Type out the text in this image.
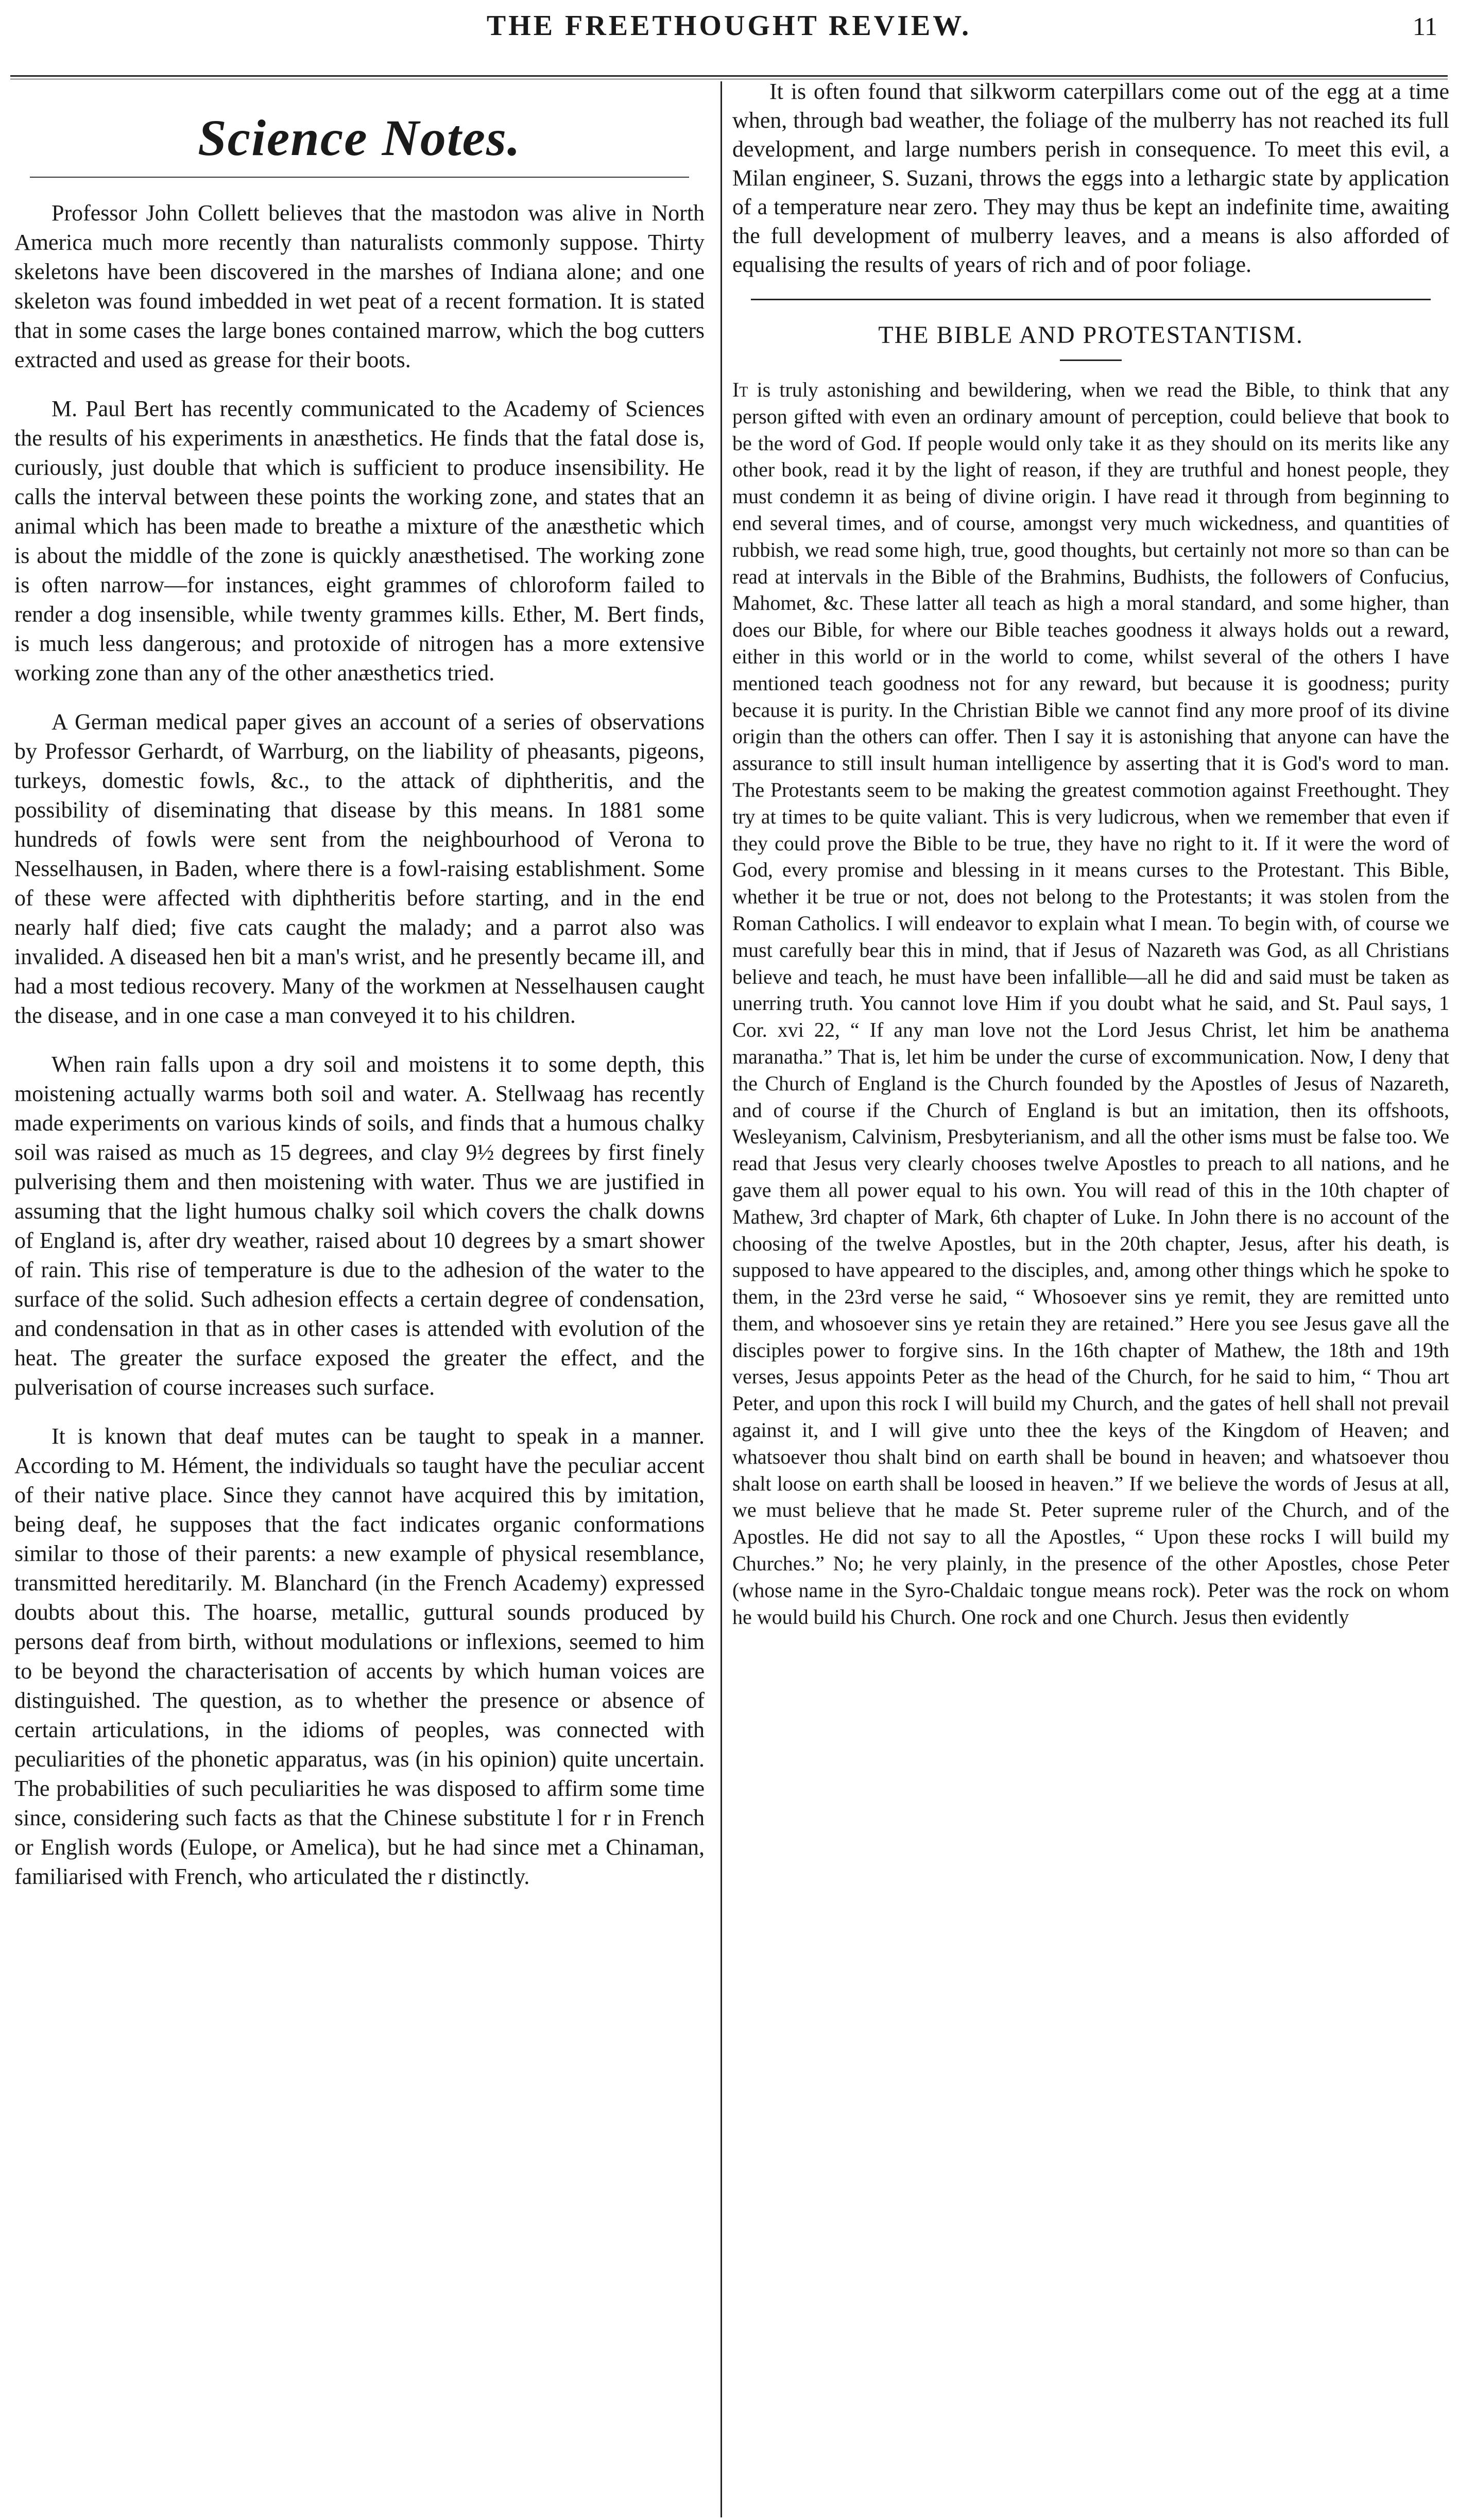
THE FREETHOUGHT REVIEW.	11
Science Notes.

Professor John Collett believes that the mastodon was alive in North America much more recently than naturalists commonly suppose. Thirty skeletons have been discovered in the marshes of Indiana alone; and one skeleton was found imbedded in wet peat of a recent formation. It is stated that in some cases the large bones contained marrow, which the bog cutters extracted and used as grease for their boots.

M. Paul Bert has recently communicated to the Academy of Sciences the results of his experiments in anæsthetics. He finds that the fatal dose is, curiously, just double that which is sufficient to produce insensibility. He calls the interval between these points the working zone, and states that an animal which has been made to breathe a mixture of the anæsthetic which is about the middle of the zone is quickly anæsthetised. The working zone is often narrow—for instances, eight grammes of chloroform failed to render a dog insensible, while twenty grammes kills. Ether, M. Bert finds, is much less dangerous; and protoxide of nitrogen has a more extensive working zone than any of the other anæsthetics tried.

A German medical paper gives an account of a series of observations by Professor Gerhardt, of Warrburg, on the liability of pheasants, pigeons, turkeys, domestic fowls, &c., to the attack of diphtheritis, and the possibility of diseminating that disease by this means. In 1881 some hundreds of fowls were sent from the neighbourhood of Verona to Nesselhausen, in Baden, where there is a fowl-raising establishment. Some of these were affected with diphtheritis before starting, and in the end nearly half died; five cats caught the malady; and a parrot also was invalided. A diseased hen bit a man's wrist, and he presently became ill, and had a most tedious recovery. Many of the workmen at Nesselhausen caught the disease, and in one case a man conveyed it to his children.

When rain falls upon a dry soil and moistens it to some depth, this moistening actually warms both soil and water. A. Stellwaag has recently made experiments on various kinds of soils, and finds that a humous chalky soil was raised as much as 15 degrees, and clay 9½ degrees by first finely pulverising them and then moistening with water. Thus we are justified in assuming that the light humous chalky soil which covers the chalk downs of England is, after dry weather, raised about 10 degrees by a smart shower of rain. This rise of temperature is due to the adhesion of the water to the surface of the solid. Such adhesion effects a certain degree of condensation, and condensation in that as in other cases is attended with evolution of the heat. The greater the surface exposed the greater the effect, and the pulverisation of course increases such surface.

It is known that deaf mutes can be taught to speak in a manner. According to M. Hément, the individuals so taught have the peculiar accent of their native place. Since they cannot have acquired this by imitation, being deaf, he supposes that the fact indicates organic conformations similar to those of their parents: a new example of physical resemblance, transmitted hereditarily. M. Blanchard (in the French Academy) expressed doubts about this. The hoarse, metallic, guttural sounds produced by persons deaf from birth, without modulations or inflexions, seemed to him to be beyond the characterisation of accents by which human voices are distinguished. The question, as to whether the presence or absence of certain articulations, in the idioms of peoples, was connected with peculiarities of the phonetic apparatus, was (in his opinion) quite uncertain. The probabilities of such peculiarities he was disposed to affirm some time since, considering such facts as that the Chinese substitute l for r in French or English words (Eulope, or Amelica), but he had since met a Chinaman, familiarised with French, who articulated the r distinctly.

It is often found that silkworm caterpillars come out of the egg at a time when, through bad weather, the foliage of the mulberry has not reached its full development, and large numbers perish in consequence. To meet this evil, a Milan engineer, S. Suzani, throws the eggs into a lethargic state by application of a temperature near zero. They may thus be kept an indefinite time, awaiting the full development of mulberry leaves, and a means is also afforded of equalising the results of years of rich and of poor foliage.

THE BIBLE AND PROTESTANTISM.

It is truly astonishing and bewildering, when we read the Bible, to think that any person gifted with even an ordinary amount of perception, could believe that book to be the word of God. If people would only take it as they should on its merits like any other book, read it by the light of reason, if they are truthful and honest people, they must condemn it as being of divine origin. I have read it through from beginning to end several times, and of course, amongst very much wickedness, and quantities of rubbish, we read some high, true, good thoughts, but certainly not more so than can be read at intervals in the Bible of the Brahmins, Budhists, the followers of Confucius, Mahomet, &c. These latter all teach as high a moral standard, and some higher, than does our Bible, for where our Bible teaches goodness it always holds out a reward, either in this world or in the world to come, whilst several of the others I have mentioned teach goodness not for any reward, but because it is goodness; purity because it is purity. In the Christian Bible we cannot find any more proof of its divine origin than the others can offer. Then I say it is astonishing that anyone can have the assurance to still insult human intelligence by asserting that it is God's word to man. The Protestants seem to be making the greatest commotion against Freethought. They try at times to be quite valiant. This is very ludicrous, when we remember that even if they could prove the Bible to be true, they have no right to it. If it were the word of God, every promise and blessing in it means curses to the Protestant. This Bible, whether it be true or not, does not belong to the Protestants; it was stolen from the Roman Catholics. I will endeavor to explain what I mean. To begin with, of course we must carefully bear this in mind, that if Jesus of Nazareth was God, as all Christians believe and teach, he must have been infallible—all he did and said must be taken as unerring truth. You cannot love Him if you doubt what he said, and St. Paul says, 1 Cor. xvi 22, “ If any man love not the Lord Jesus Christ, let him be anathema maranatha.” That is, let him be under the curse of excommunication. Now, I deny that the Church of England is the Church founded by the Apostles of Jesus of Nazareth, and of course if the Church of England is but an imitation, then its offshoots, Wesleyanism, Calvinism, Presbyterianism, and all the other isms must be false too. We read that Jesus very clearly chooses twelve Apostles to preach to all nations, and he gave them all power equal to his own. You will read of this in the 10th chapter of Mathew, 3rd chapter of Mark, 6th chapter of Luke. In John there is no account of the choosing of the twelve Apostles, but in the 20th chapter, Jesus, after his death, is supposed to have appeared to the disciples, and, among other things which he spoke to them, in the 23rd verse he said, “ Whosoever sins ye remit, they are remitted unto them, and whosoever sins ye retain they are retained.” Here you see Jesus gave all the disciples power to forgive sins. In the 16th chapter of Mathew, the 18th and 19th verses, Jesus appoints Peter as the head of the Church, for he said to him, “ Thou art Peter, and upon this rock I will build my Church, and the gates of hell shall not prevail against it, and I will give unto thee the keys of the Kingdom of Heaven; and whatsoever thou shalt bind on earth shall be bound in heaven; and whatsoever thou shalt loose on earth shall be loosed in heaven.” If we believe the words of Jesus at all, we must believe that he made St. Peter supreme ruler of the Church, and of the Apostles. He did not say to all the Apostles, “ Upon these rocks I will build my Churches.” No; he very plainly, in the presence of the other Apostles, chose Peter (whose name in the Syro-Chaldaic tongue means rock). Peter was the rock on whom he would build his Church. One rock and one Church. Jesus then evidently
